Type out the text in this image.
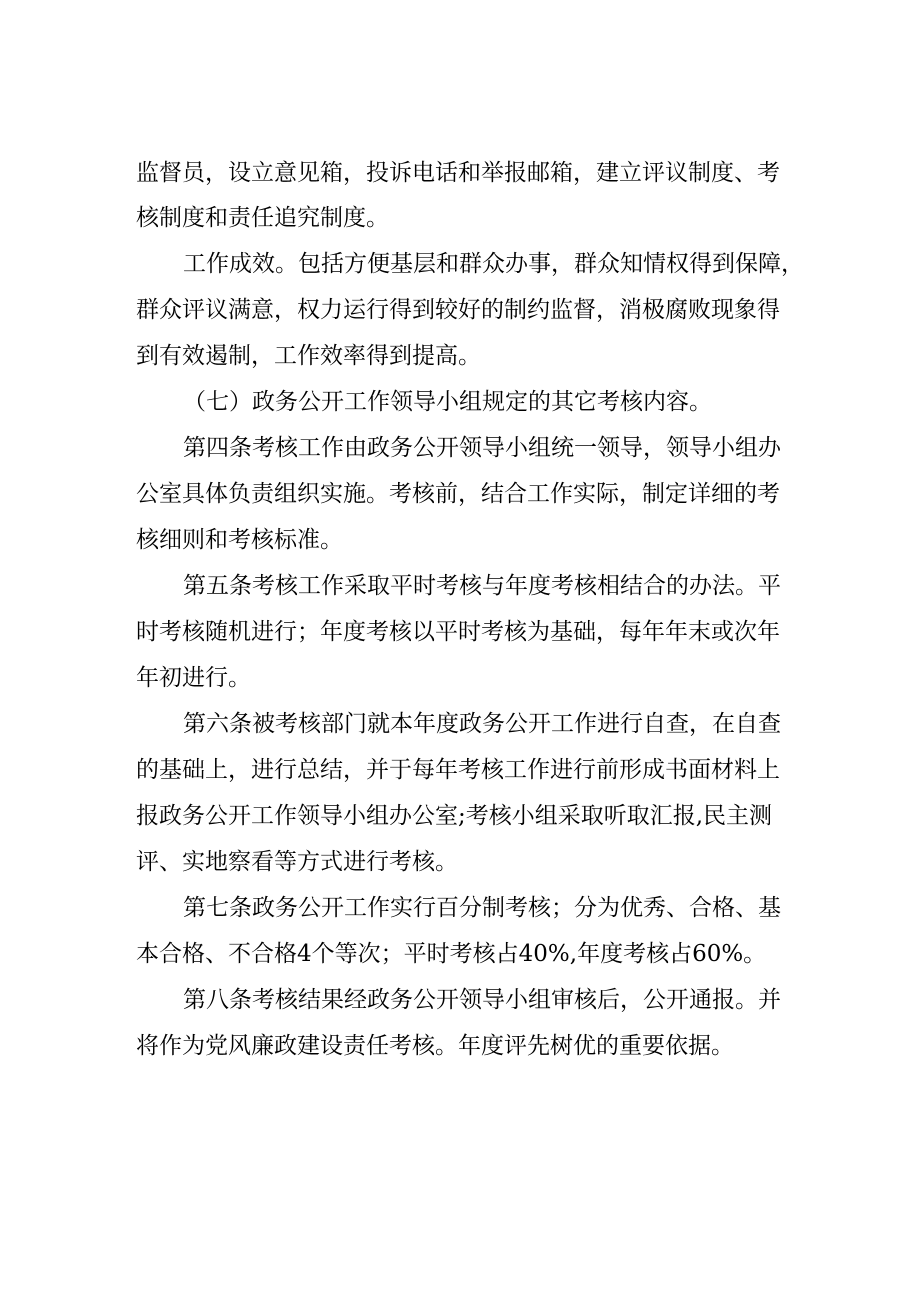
监督员，设立意见箱，投诉电话和举报邮箱，建立评议制度、考
核制度和责任追究制度。
工作成效。包括方便基层和群众办事，群众知情权得到保障，
群众评议满意，权力运行得到较好的制约监督，消极腐败现象得
到有效遏制，工作效率得到提高。
（七）政务公开工作领导小组规定的其它考核内容。
第四条考核工作由政务公开领导小组统一领导，领导小组办
公室具体负责组织实施。考核前，结合工作实际，制定详细的考
核细则和考核标准。
第五条考核工作采取平时考核与年度考核相结合的办法。平
时考核随机进行；年度考核以平时考核为基础，每年年末或次年
年初进行。
第六条被考核部门就本年度政务公开工作进行自查，在自查
的基础上，进行总结，并于每年考核工作进行前形成书面材料上
报政务公开工作领导小组办公室;考核小组采取听取汇报,民主测
评、实地察看等方式进行考核。
第七条政务公开工作实行百分制考核；分为优秀、合格、基
本合格、不合格4个等次；平时考核占40%,年度考核占60%。
第八条考核结果经政务公开领导小组审核后，公开通报。并
将作为党风廉政建设责任考核。年度评先树优的重要依据。
